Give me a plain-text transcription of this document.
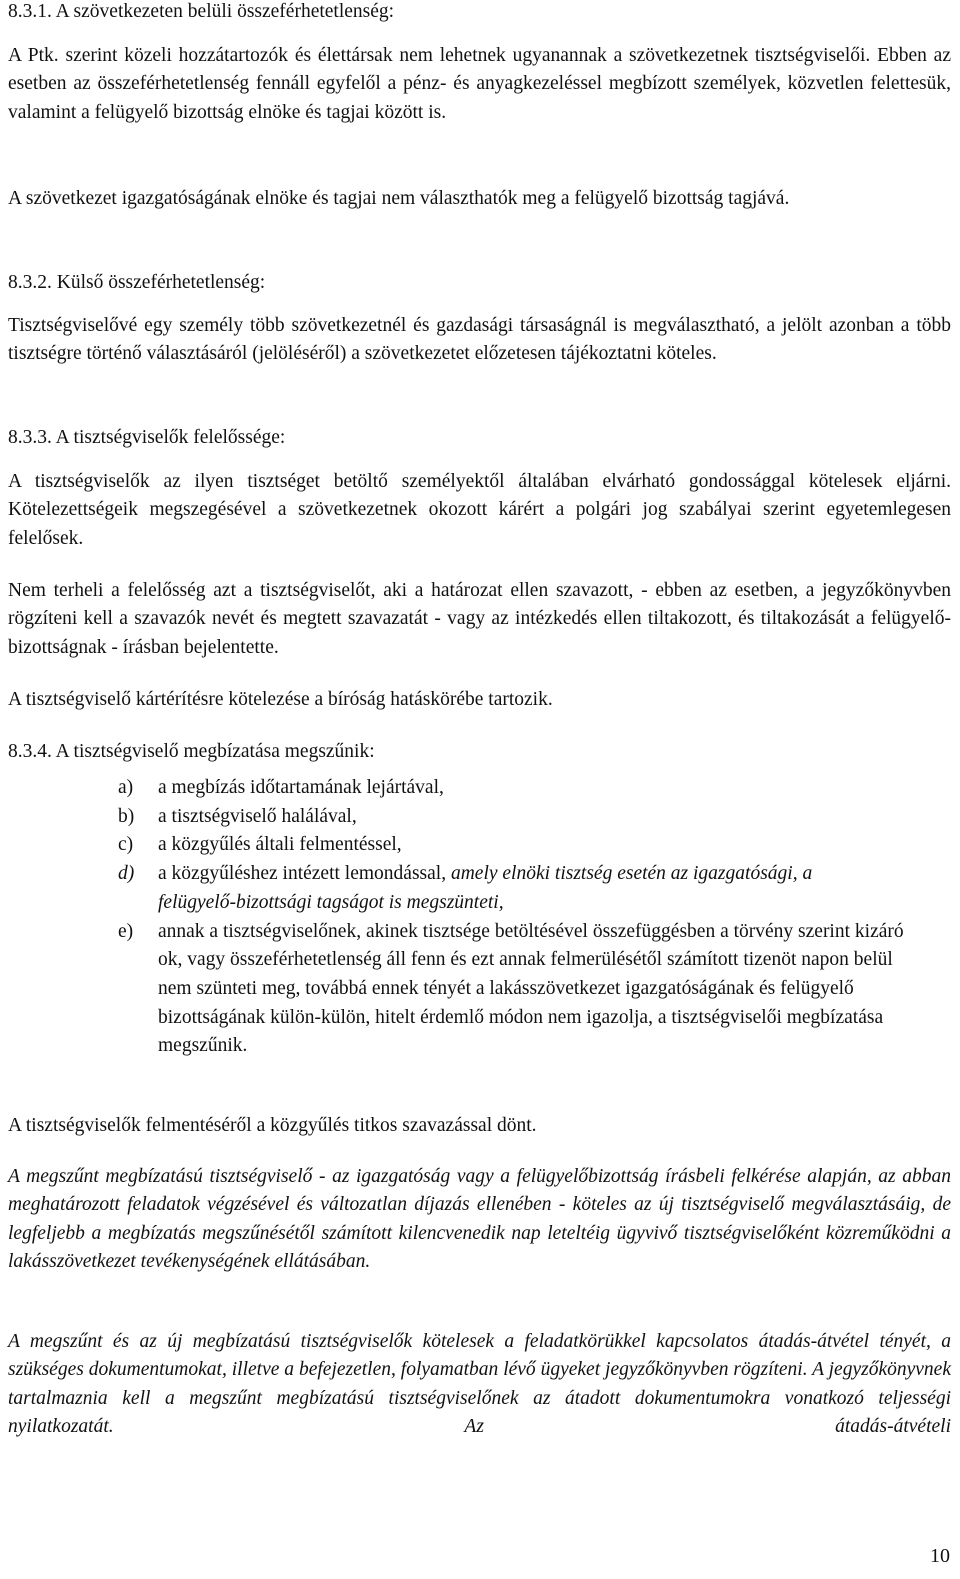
8.3.1. A szövetkezeten belüli összeférhetetlenség:

A Ptk. szerint közeli hozzátartozók és élettársak nem lehetnek ugyanannak a szövetkezetnek tisztségviselői. Ebben az esetben az összeférhetetlenség fennáll egyfelől a pénz- és anyagkezeléssel megbízott személyek, közvetlen felettesük, valamint a felügyelő bizottság elnöke és tagjai között is.

A szövetkezet igazgatóságának elnöke és tagjai nem választhatók meg a felügyelő bizottság tagjává.

8.3.2. Külső összeférhetetlenség:

Tisztségviselővé egy személy több szövetkezetnél és gazdasági társaságnál is megválasztható, a jelölt azonban a több tisztségre történő választásáról (jelöléséről) a szövetkezetet előzetesen tájékoztatni köteles.

8.3.3. A tisztségviselők felelőssége:

A tisztségviselők az ilyen tisztséget betöltő személyektől általában elvárható gondossággal kötelesek eljárni. Kötelezettségeik megszegésével a szövetkezetnek okozott kárért a polgári jog szabályai szerint egyetemlegesen felelősek.

Nem terheli a felelősség azt a tisztségviselőt, aki a határozat ellen szavazott, - ebben az esetben, a jegyzőkönyvben rögzíteni kell a szavazók nevét és megtett szavazatát - vagy az intézkedés ellen tiltakozott, és tiltakozását a felügyelő-bizottságnak - írásban bejelentette.

A tisztségviselő kártérítésre kötelezése a bíróság hatáskörébe tartozik.

8.3.4. A tisztségviselő megbízatása megszűnik:
a) a megbízás időtartamának lejártával,
b) a tisztségviselő halálával,
c) a közgyűlés általi felmentéssel,
d) a közgyűléshez intézett lemondással, amely elnöki tisztség esetén az igazgatósági, a felügyelő-bizottsági tagságot is megszünteti,
e) annak a tisztségviselőnek, akinek tisztsége betöltésével összefüggésben a törvény szerint kizáró ok, vagy összeférhetetlenség áll fenn és ezt annak felmerülésétől számított tizenöt napon belül nem szünteti meg, továbbá ennek tényét a lakásszövetkezet igazgatóságának és felügyelő bizottságának külön-külön, hitelt érdemlő módon nem igazolja, a tisztségviselői megbízatása megszűnik.

A tisztségviselők felmentéséről a közgyűlés titkos szavazással dönt.

A megszűnt megbízatású tisztségviselő - az igazgatóság vagy a felügyelőbizottság írásbeli felkérése alapján, az abban meghatározott feladatok végzésével és változatlan díjazás ellenében - köteles az új tisztségviselő megválasztásáig, de legfeljebb a megbízatás megszűnésétől számított kilencvenedik nap leteltéig ügyvivő tisztségviselőként közreműködni a lakásszövetkezet tevékenységének ellátásában.

A megszűnt és az új megbízatású tisztségviselők kötelesek a feladatkörükkel kapcsolatos átadás-átvétel tényét, a szükséges dokumentumokat, illetve a befejezetlen, folyamatban lévő ügyeket jegyzőkönyvben rögzíteni. A jegyzőkönyvnek tartalmaznia kell a megszűnt megbízatású tisztségviselőnek az átadott dokumentumokra vonatkozó teljességi nyilatkozatát. Az átadás-átvételi

10
